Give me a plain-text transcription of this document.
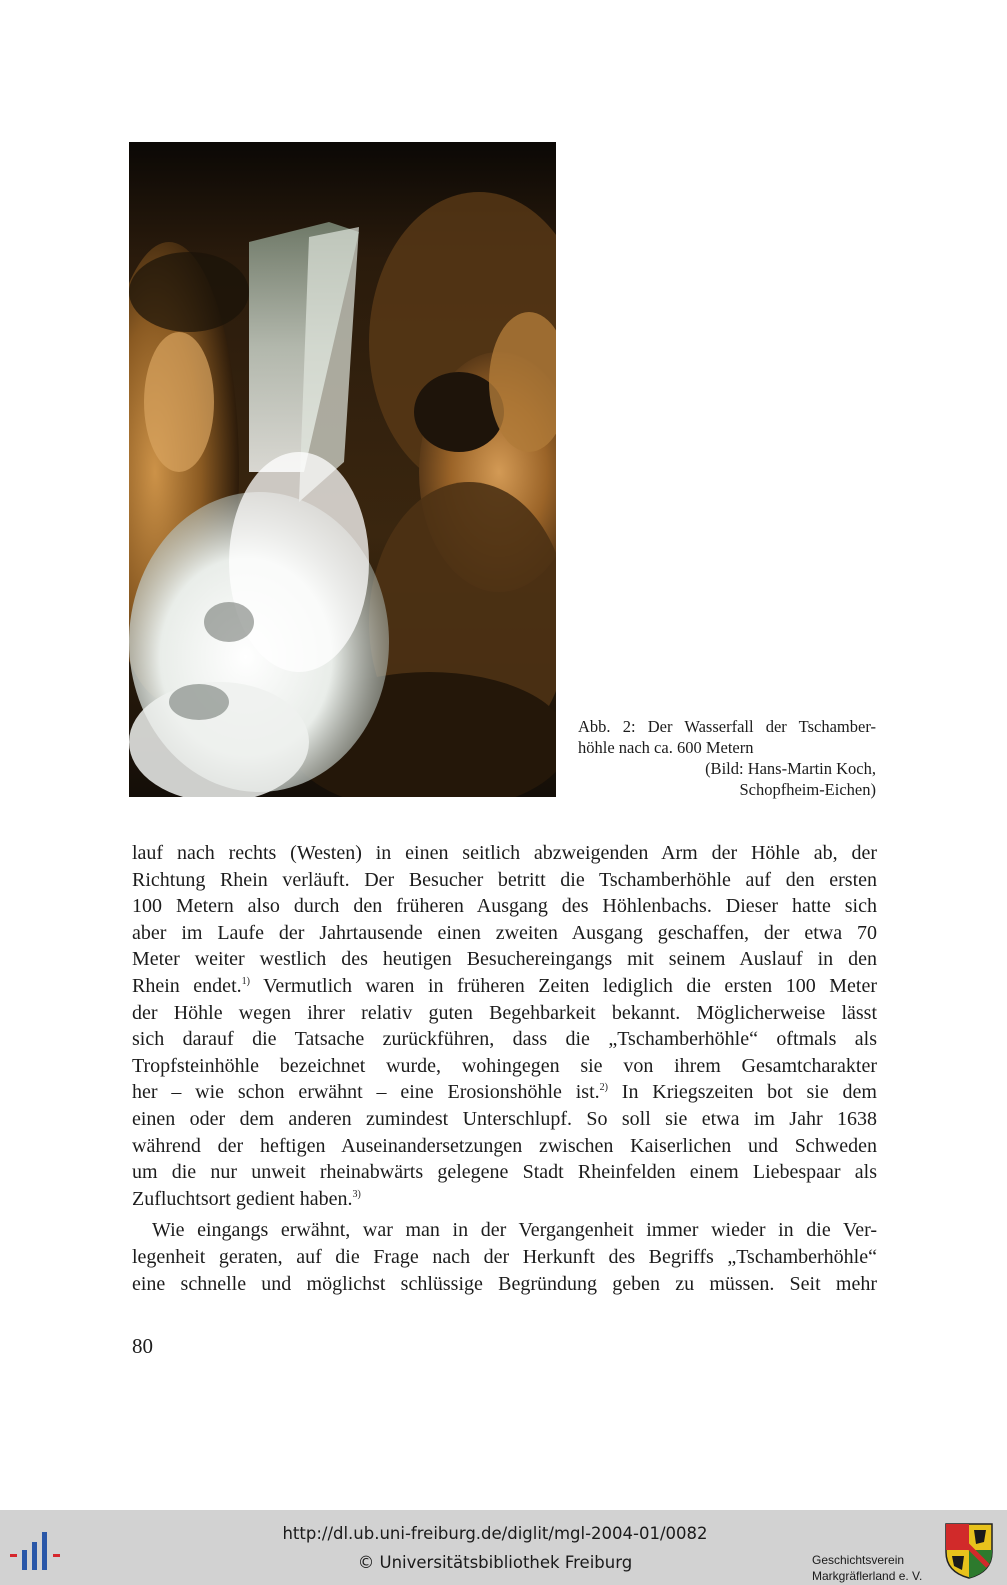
Abb. 2: Der Wasserfall der Tschamber-
höhle nach ca. 600 Metern
(Bild: Hans-Martin Koch,
Schopfheim-Eichen)

lauf nach rechts (Westen) in einen seitlich abzweigenden Arm der Höhle ab, der
Richtung Rhein verläuft. Der Besucher betritt die Tschamberhöhle auf den ersten
100 Metern also durch den früheren Ausgang des Höhlenbachs. Dieser hatte sich
aber im Laufe der Jahrtausende einen zweiten Ausgang geschaffen, der etwa 70
Meter weiter westlich des heutigen Besuchereingangs mit seinem Auslauf in den
Rhein endet.$^{1)}$ Vermutlich waren in früheren Zeiten lediglich die ersten 100 Meter
der Höhle wegen ihrer relativ guten Begehbarkeit bekannt. Möglicherweise lässt
sich darauf die Tatsache zurückführen, dass die „Tschamberhöhle“ oftmals als
Tropfsteinhöhle bezeichnet wurde, wohingegen sie von ihrem Gesamtcharakter
her – wie schon erwähnt – eine Erosionshöhle ist.$^{2)}$ In Kriegszeiten bot sie dem
einen oder dem anderen zumindest Unterschlupf. So soll sie etwa im Jahr 1638
während der heftigen Auseinandersetzungen zwischen Kaiserlichen und Schweden
um die nur unweit rheinabwärts gelegene Stadt Rheinfelden einem Liebespaar als
Zufluchtsort gedient haben.$^{3)}$

Wie eingangs erwähnt, war man in der Vergangenheit immer wieder in die Ver-
legenheit geraten, auf die Frage nach der Herkunft des Begriffs „Tschamberhöhle“
eine schnelle und möglichst schlüssige Begründung geben zu müssen. Seit mehr

80
http://dl.ub.uni-freiburg.de/diglit/mgl-2004-01/0082
© Universitätsbibliothek Freiburg	Geschichtsverein
Markgräflerland e. V.
